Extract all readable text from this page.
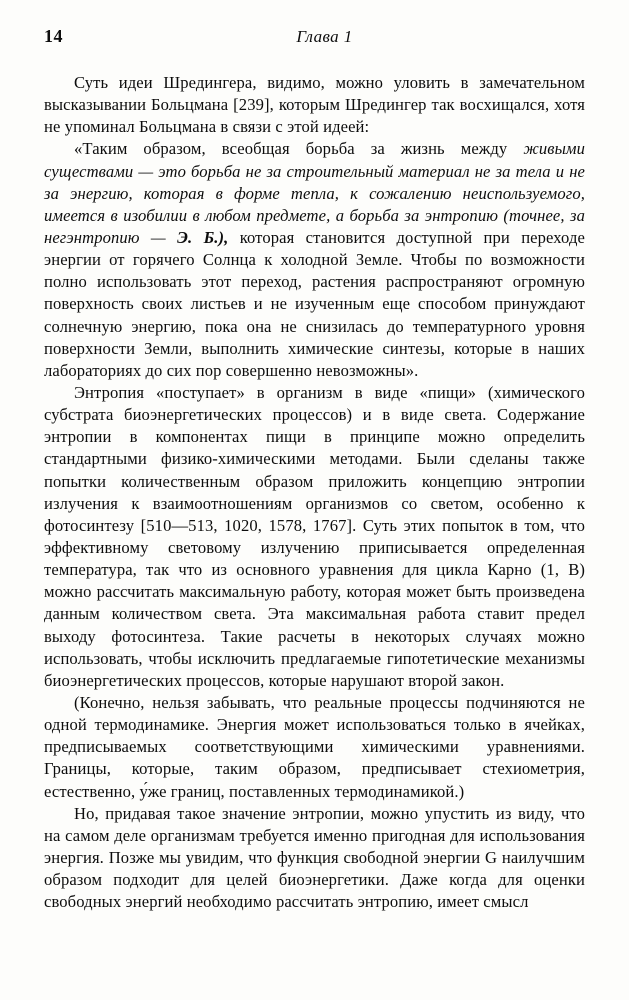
14	Глава 1

Суть идеи Шредингера, видимо, можно уловить в замечательном высказывании Больцмана [239], которым Шредингер так восхищался, хотя не упоминал Больцмана в связи с этой идеей:

«Таким образом, всеобщая борьба за жизнь между живыми существами — это борьба не за строительный материал не за тела и не за энергию, которая в форме тепла, к сожалению неиспользуемого, имеется в изобилии в любом предмете, а борьба за энтропию (точнее, за негэнтропию — Э. Б.), которая становится доступной при переходе энергии от горячего Солнца к холодной Земле. Чтобы по возможности полно использовать этот переход, растения распространяют огромную поверхность своих листьев и не изученным еще способом принуждают солнечную энергию, пока она не снизилась до температурного уровня поверхности Земли, выполнить химические синтезы, которые в наших лабораториях до сих пор совершенно невозможны».

Энтропия «поступает» в организм в виде «пищи» (химического субстрата биоэнергетических процессов) и в виде света. Содержание энтропии в компонентах пищи в принципе можно определить стандартными физико-химическими методами. Были сделаны также попытки количественным образом приложить концепцию энтропии излучения к взаимоотношениям организмов со светом, особенно к фотосинтезу [510—513, 1020, 1578, 1767]. Суть этих попыток в том, что эффективному световому излучению приписывается определенная температура, так что из основного уравнения для цикла Карно (1, В) можно рассчитать максимальную работу, которая может быть произведена данным количеством света. Эта максимальная работа ставит предел выходу фотосинтеза. Такие расчеты в некоторых случаях можно использовать, чтобы исключить предлагаемые гипотетические механизмы биоэнергетических процессов, которые нарушают второй закон.

(Конечно, нельзя забывать, что реальные процессы подчиняются не одной термодинамике. Энергия может использоваться только в ячейках, предписываемых соответствующими химическими уравнениями. Границы, которые, таким образом, предписывает стехиометрия, естественно, у́же границ, поставленных термодинамикой.)

Но, придавая такое значение энтропии, можно упустить из виду, что на самом деле организмам требуется именно пригодная для использования энергия. Позже мы увидим, что функция свободной энергии G наилучшим образом подходит для целей биоэнергетики. Даже когда для оценки свободных энергий необходимо рассчитать энтропию, имеет смысл
